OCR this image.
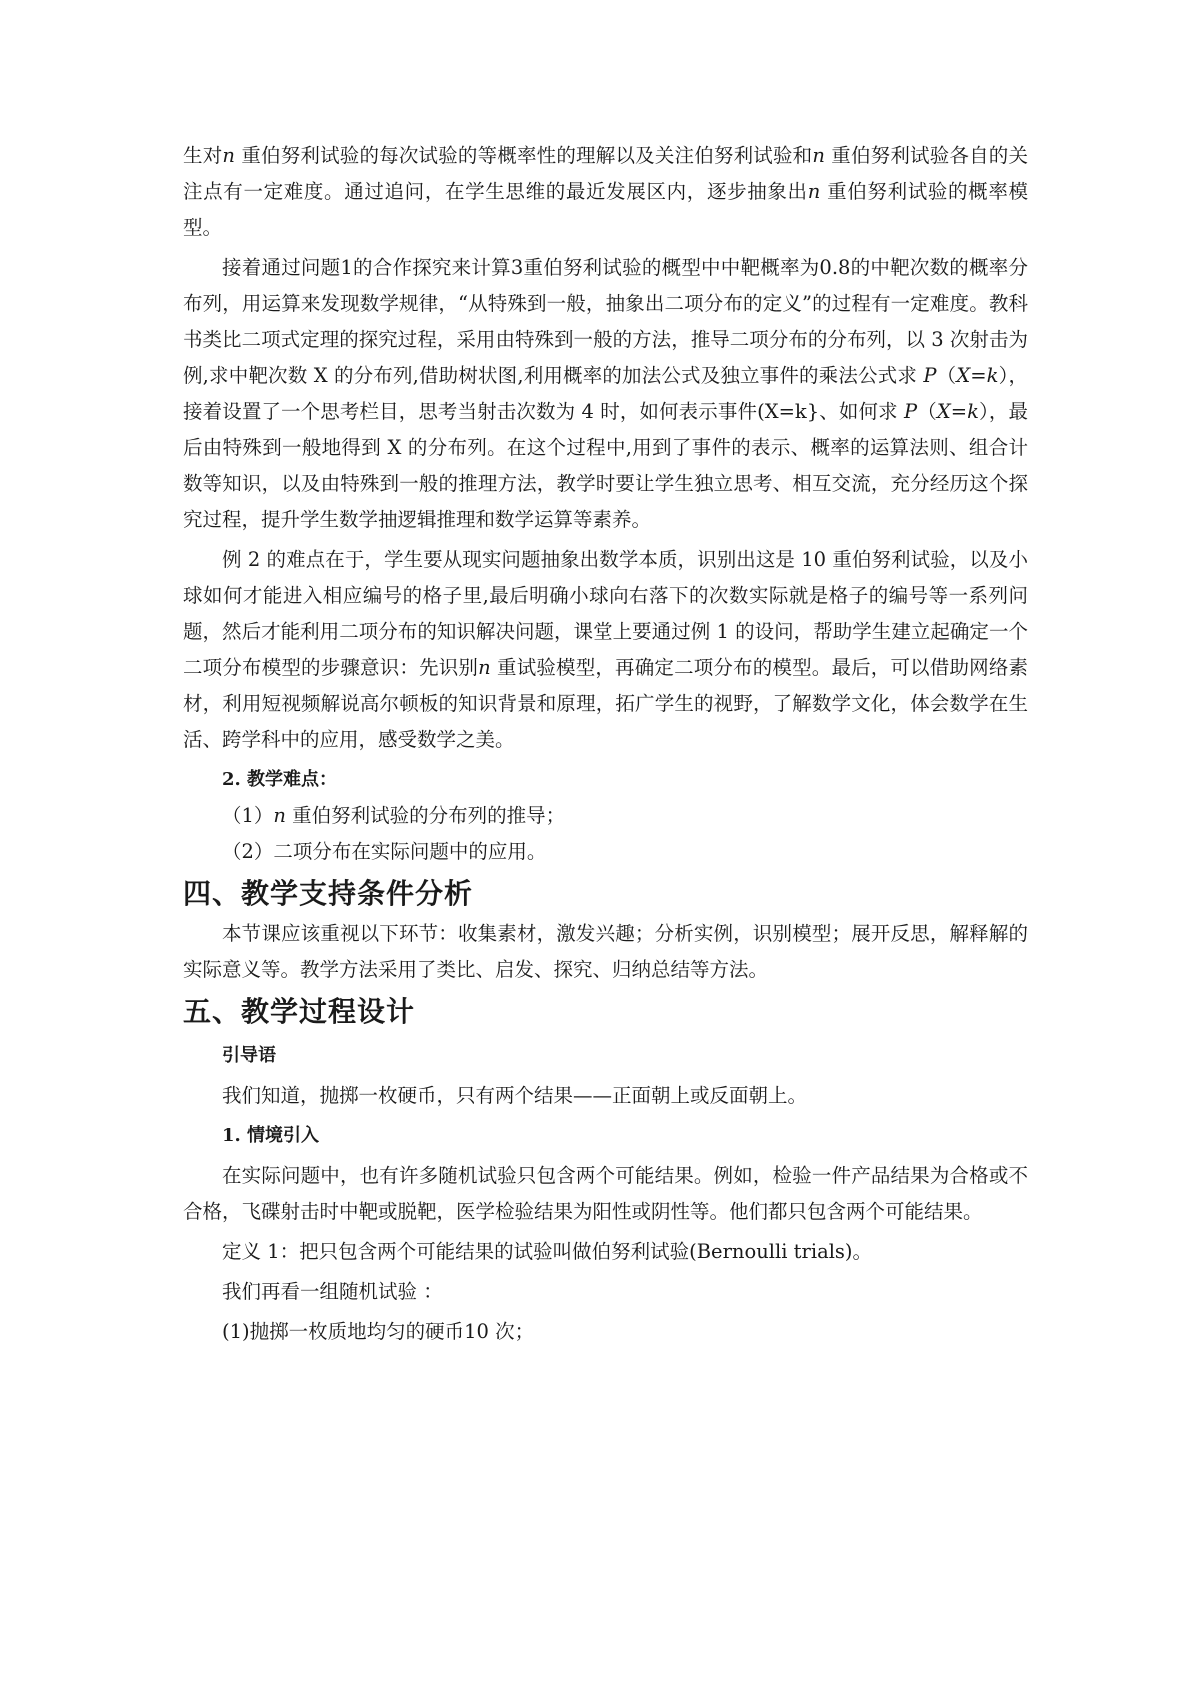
生对n 重伯努利试验的每次试验的等概率性的理解以及关注伯努利试验和n 重伯努利试验各自的关注点有一定难度。通过追问，在学生思维的最近发展区内，逐步抽象出n 重伯努利试验的概率模型。

接着通过问题1的合作探究来计算3重伯努利试验的概型中中靶概率为0.8的中靶次数的概率分布列，用运算来发现数学规律，“从特殊到一般，抽象出二项分布的定义”的过程有一定难度。教科书类比二项式定理的探究过程，采用由特殊到一般的方法，推导二项分布的分布列，以 3 次射击为例,求中靶次数 X 的分布列,借助树状图,利用概率的加法公式及独立事件的乘法公式求 P（X=k），接着设置了一个思考栏目，思考当射击次数为 4 时，如何表示事件(X=k}、如何求 P（X=k），最后由特殊到一般地得到 X 的分布列。在这个过程中,用到了事件的表示、概率的运算法则、组合计数等知识，以及由特殊到一般的推理方法，教学时要让学生独立思考、相互交流，充分经历这个探究过程，提升学生数学抽逻辑推理和数学运算等素养。

例 2 的难点在于，学生要从现实问题抽象出数学本质，识别出这是 10 重伯努利试验，以及小球如何才能进入相应编号的格子里,最后明确小球向右落下的次数实际就是格子的编号等一系列问题，然后才能利用二项分布的知识解决问题，课堂上要通过例 1 的设问，帮助学生建立起确定一个二项分布模型的步骤意识：先识别n 重试验模型，再确定二项分布的模型。最后，可以借助网络素材，利用短视频解说高尔顿板的知识背景和原理，拓广学生的视野，了解数学文化，体会数学在生活、跨学科中的应用，感受数学之美。

2. 教学难点：

（1）n 重伯努利试验的分布列的推导；

（2）二项分布在实际问题中的应用。

四、教学支持条件分析

本节课应该重视以下环节：收集素材，激发兴趣；分析实例，识别模型；展开反思，解释解的实际意义等。教学方法采用了类比、启发、探究、归纳总结等方法。

五、教学过程设计

引导语

我们知道，抛掷一枚硬币，只有两个结果——正面朝上或反面朝上。

1. 情境引入

在实际问题中，也有许多随机试验只包含两个可能结果。例如，检验一件产品结果为合格或不合格，飞碟射击时中靶或脱靶，医学检验结果为阳性或阴性等。他们都只包含两个可能结果。

定义 1：把只包含两个可能结果的试验叫做伯努利试验(Bernoulli trials)。

我们再看一组随机试验 ：

(1)抛掷一枚质地均匀的硬币10 次；
